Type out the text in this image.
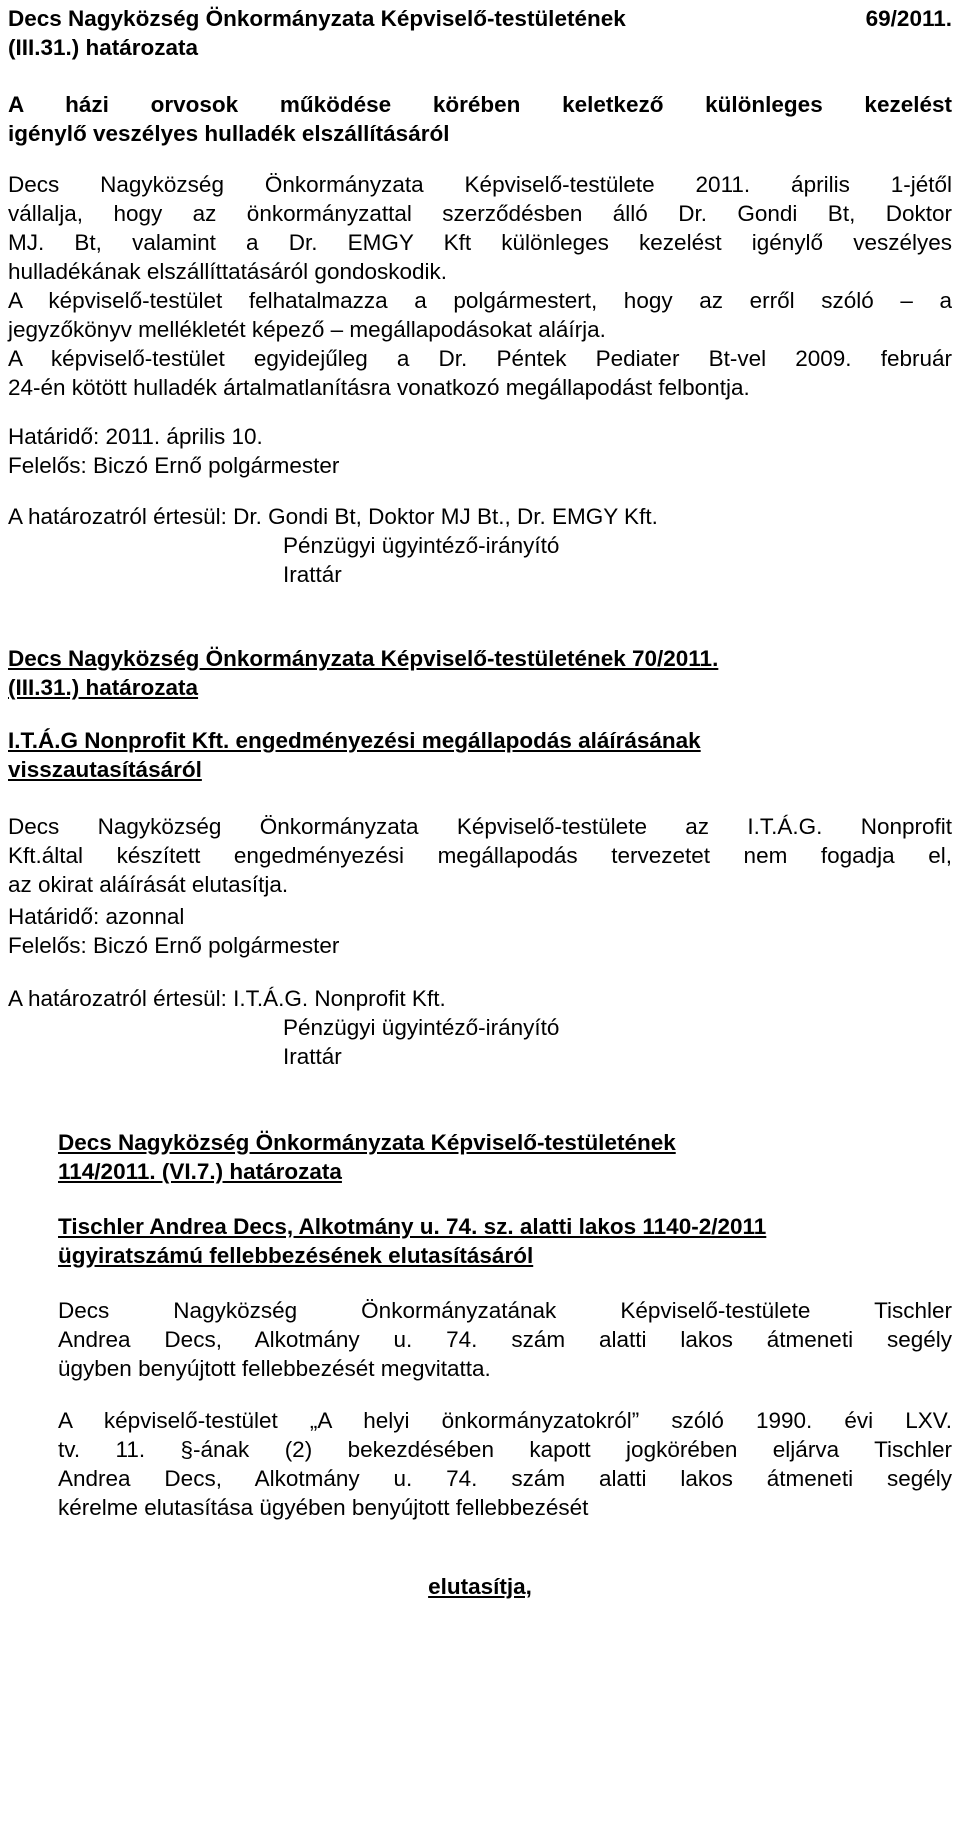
Decs Nagyközség Önkormányzata Képviselő-testületének	69/2011.
(III.31.) határozata
A házi orvosok működése körében keletkező különleges kezelést
igénylő veszélyes hulladék elszállításáról
Decs Nagyközség Önkormányzata Képviselő-testülete 2011. április 1-jétől
vállalja, hogy az önkormányzattal szerződésben álló Dr. Gondi Bt, Doktor
MJ. Bt, valamint a Dr. EMGY Kft különleges kezelést igénylő veszélyes
hulladékának elszállíttatásáról gondoskodik.
A képviselő-testület felhatalmazza a polgármestert, hogy az erről szóló – a
jegyzőkönyv mellékletét képező – megállapodásokat aláírja.
A képviselő-testület egyidejűleg a Dr. Péntek Pediater Bt-vel 2009. február
24-én kötött hulladék ártalmatlanításra vonatkozó megállapodást felbontja.
Határidő: 2011. április 10.
Felelős: Biczó Ernő polgármester
A határozatról értesül: Dr. Gondi Bt, Doktor MJ Bt., Dr. EMGY Kft.
Pénzügyi ügyintéző-irányító
Irattár
Decs Nagyközség Önkormányzata Képviselő-testületének 70/2011.
(III.31.) határozata
I.T.Á.G Nonprofit Kft. engedményezési megállapodás aláírásának
visszautasításáról
Decs Nagyközség Önkormányzata Képviselő-testülete az I.T.Á.G. Nonprofit
Kft.által készített engedményezési megállapodás tervezetet nem fogadja el,
az okirat aláírását elutasítja.
Határidő: azonnal
Felelős: Biczó Ernő polgármester
A határozatról értesül: I.T.Á.G. Nonprofit Kft.
Pénzügyi ügyintéző-irányító
Irattár
Decs Nagyközség Önkormányzata Képviselő-testületének
114/2011. (VI.7.) határozata
Tischler Andrea Decs, Alkotmány u. 74. sz. alatti lakos 1140-2/2011
ügyiratszámú fellebbezésének elutasításáról
Decs Nagyközség Önkormányzatának Képviselő-testülete Tischler
Andrea Decs, Alkotmány u. 74. szám alatti lakos átmeneti segély
ügyben benyújtott fellebbezését megvitatta.
A képviselő-testület „A helyi önkormányzatokról” szóló 1990. évi LXV.
tv. 11. §-ának (2) bekezdésében kapott jogkörében eljárva Tischler
Andrea Decs, Alkotmány u. 74. szám alatti lakos átmeneti segély
kérelme elutasítása ügyében benyújtott fellebbezését
elutasítja,
